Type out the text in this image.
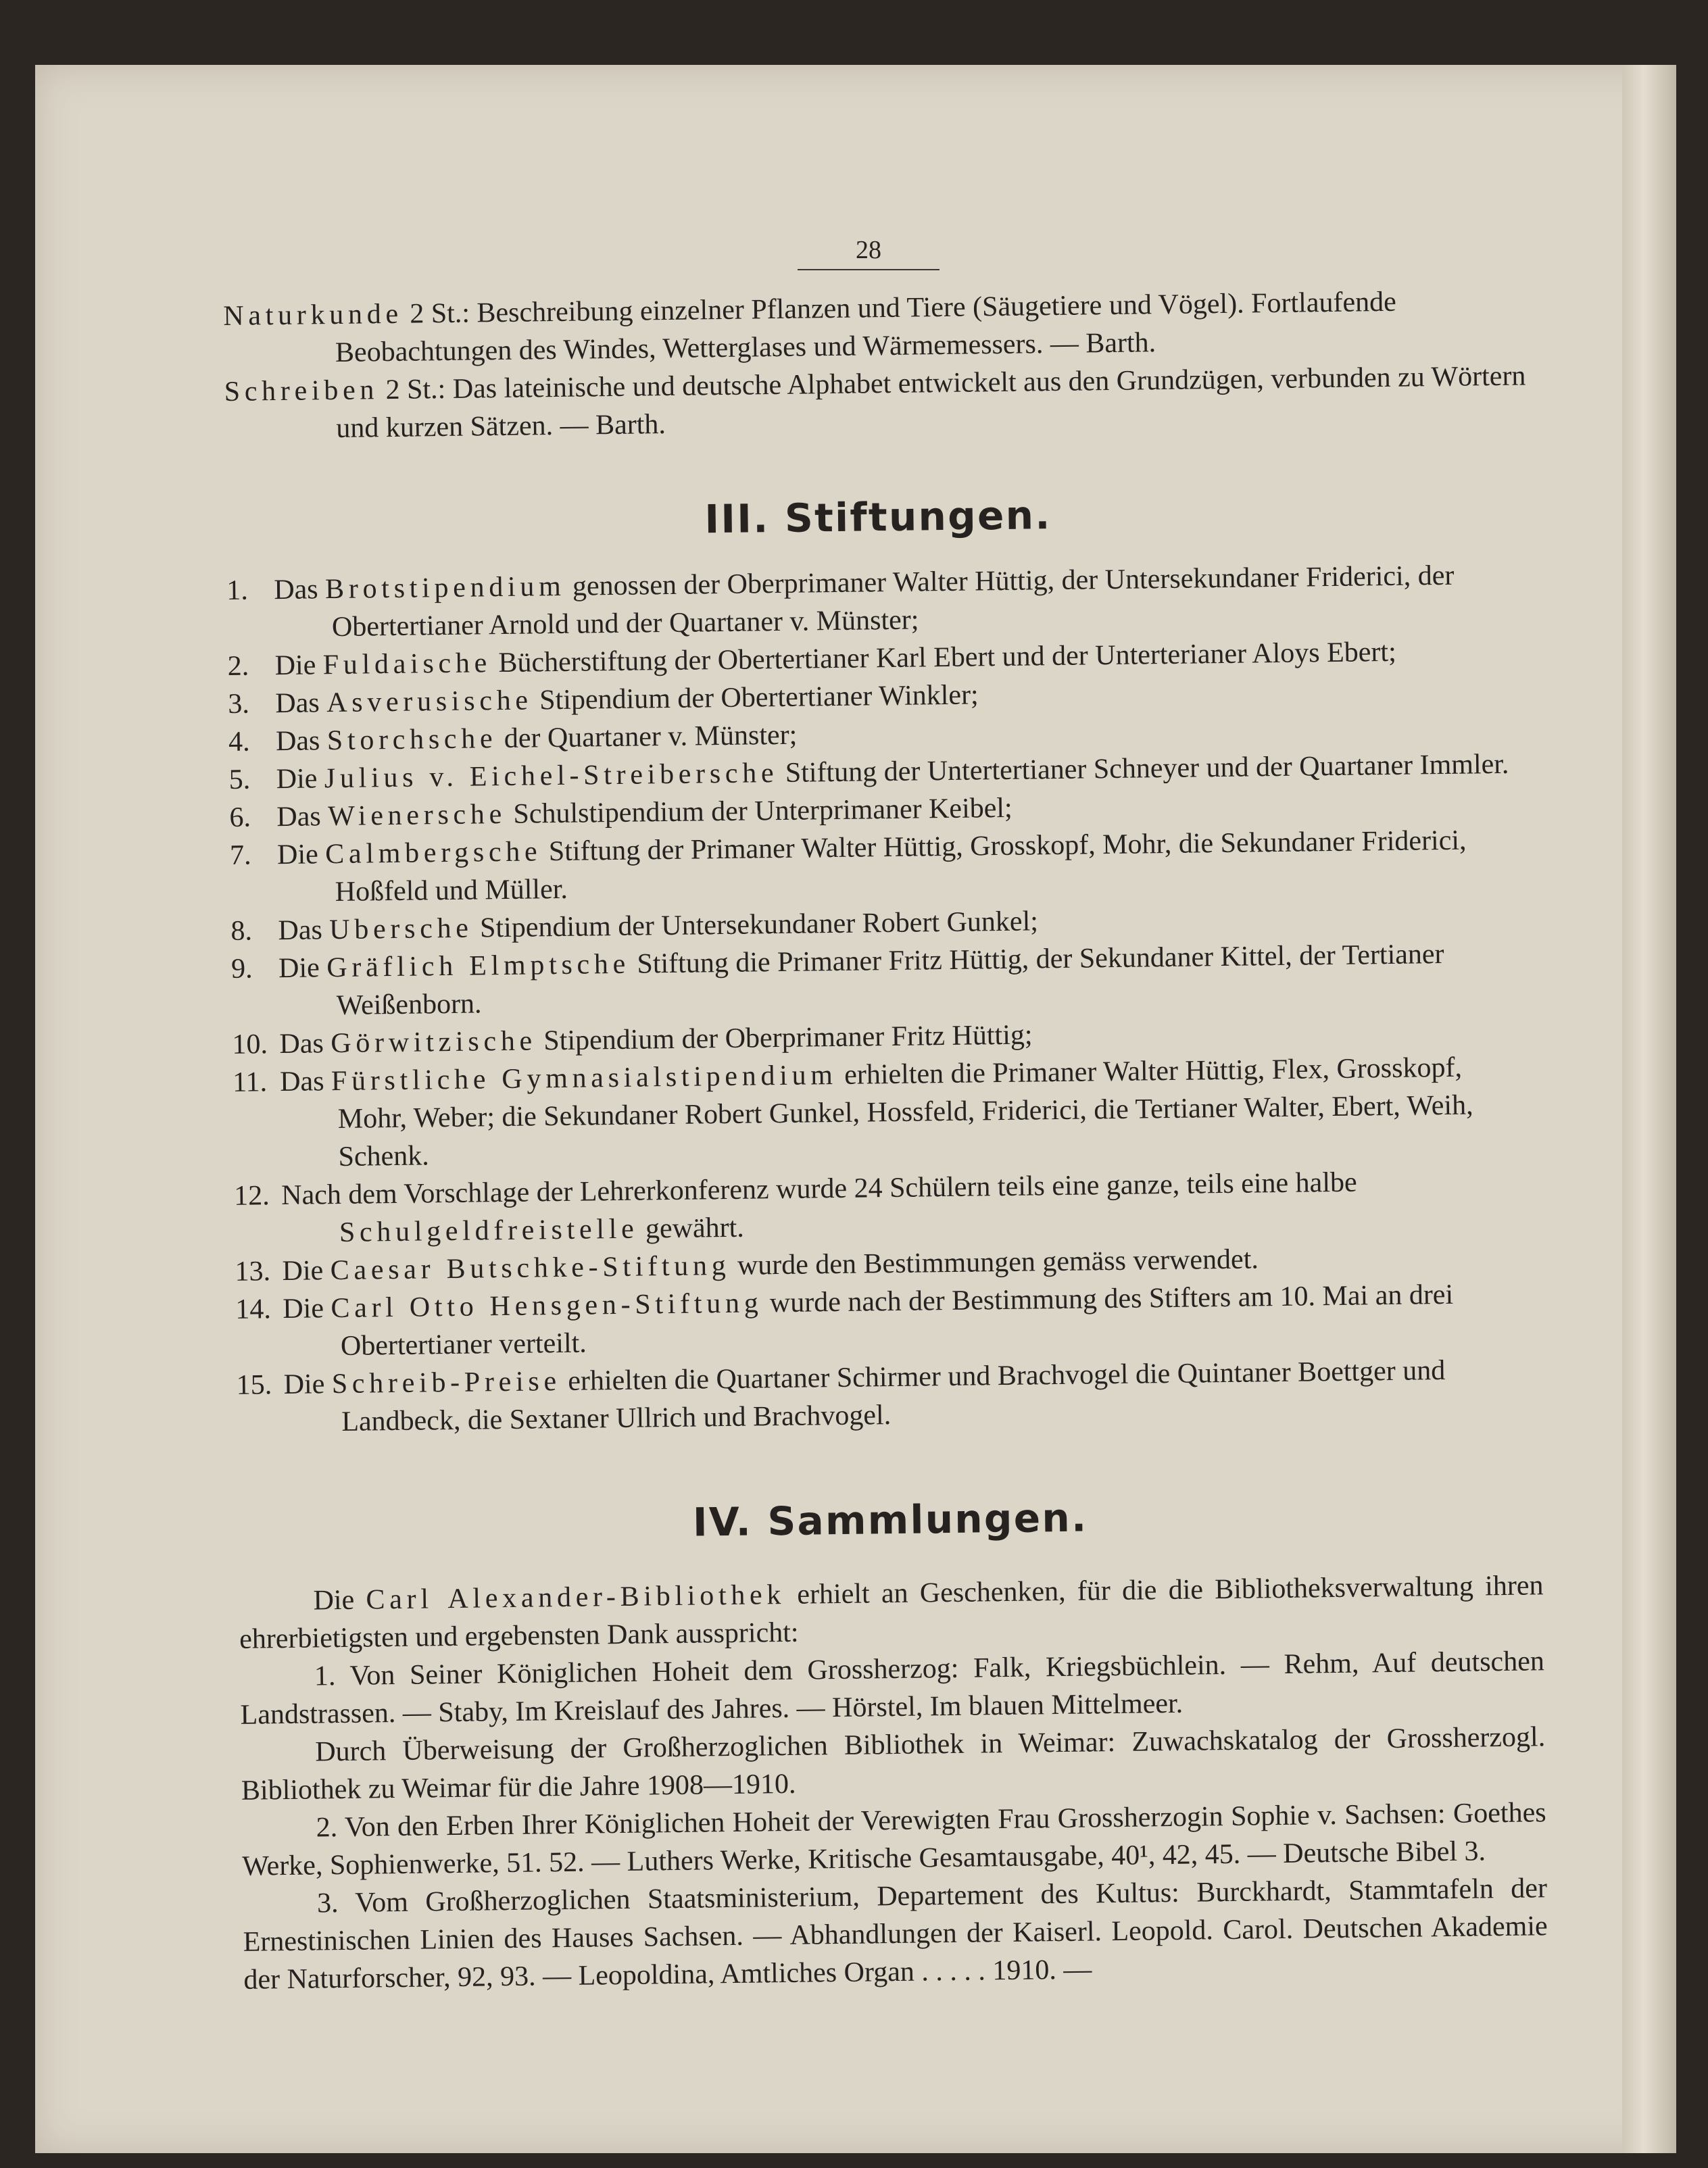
28

Naturkunde 2 St.: Beschreibung einzelner Pflanzen und Tiere (Säugetiere und Vögel). Fortlaufende Beobachtungen des Windes, Wetterglases und Wärmemessers. — Barth.

Schreiben 2 St.: Das lateinische und deutsche Alphabet entwickelt aus den Grundzügen, verbunden zu Wörtern und kurzen Sätzen. — Barth.

III. Stiftungen.
1. Das Brotstipendium genossen der Oberprimaner Walter Hüttig, der Untersekundaner Friderici, der Obertertianer Arnold und der Quartaner v. Münster;
2. Die Fuldaische Bücherstiftung der Obertertianer Karl Ebert und der Unterterianer Aloys Ebert;
3. Das Asverusische Stipendium der Obertertianer Winkler;
4. Das Storchsche der Quartaner v. Münster;
5. Die Julius v. Eichel-Streibersche Stiftung der Untertertianer Schneyer und der Quartaner Immler.
6. Das Wienersche Schulstipendium der Unterprimaner Keibel;
7. Die Calmbergsche Stiftung der Primaner Walter Hüttig, Grosskopf, Mohr, die Sekundaner Friderici, Hoßfeld und Müller.
8. Das Ubersche Stipendium der Untersekundaner Robert Gunkel;
9. Die Gräflich Elmptsche Stiftung die Primaner Fritz Hüttig, der Sekundaner Kittel, der Tertianer Weißenborn.
10. Das Görwitzische Stipendium der Oberprimaner Fritz Hüttig;
11. Das Fürstliche Gymnasialstipendium erhielten die Primaner Walter Hüttig, Flex, Grosskopf, Mohr, Weber; die Sekundaner Robert Gunkel, Hossfeld, Friderici, die Tertianer Walter, Ebert, Weih, Schenk.
12. Nach dem Vorschlage der Lehrerkonferenz wurde 24 Schülern teils eine ganze, teils eine halbe Schulgeldfreistelle gewährt.
13. Die Caesar Butschke-Stiftung wurde den Bestimmungen gemäss verwendet.
14. Die Carl Otto Hensgen-Stiftung wurde nach der Bestimmung des Stifters am 10. Mai an drei Obertertianer verteilt.
15. Die Schreib-Preise erhielten die Quartaner Schirmer und Brachvogel die Quintaner Boettger und Landbeck, die Sextaner Ullrich und Brachvogel.
IV. Sammlungen.

Die Carl Alexander-Bibliothek erhielt an Geschenken, für die die Bibliotheksverwaltung ihren ehrerbietigsten und ergebensten Dank ausspricht:

1. Von Seiner Königlichen Hoheit dem Grossherzog: Falk, Kriegsbüchlein. — Rehm, Auf deutschen Landstrassen. — Staby, Im Kreislauf des Jahres. — Hörstel, Im blauen Mittelmeer.

Durch Überweisung der Großherzoglichen Bibliothek in Weimar: Zuwachskatalog der Grossherzogl. Bibliothek zu Weimar für die Jahre 1908—1910.

2. Von den Erben Ihrer Königlichen Hoheit der Verewigten Frau Grossherzogin Sophie v. Sachsen: Goethes Werke, Sophienwerke, 51. 52. — Luthers Werke, Kritische Gesamtausgabe, 40¹, 42, 45. — Deutsche Bibel 3.

3. Vom Großherzoglichen Staatsministerium, Departement des Kultus: Burckhardt, Stammtafeln der Ernestinischen Linien des Hauses Sachsen. — Abhandlungen der Kaiserl. Leopold. Carol. Deutschen Akademie der Naturforscher, 92, 93. — Leopoldina, Amtliches Organ . . . . . 1910. —
